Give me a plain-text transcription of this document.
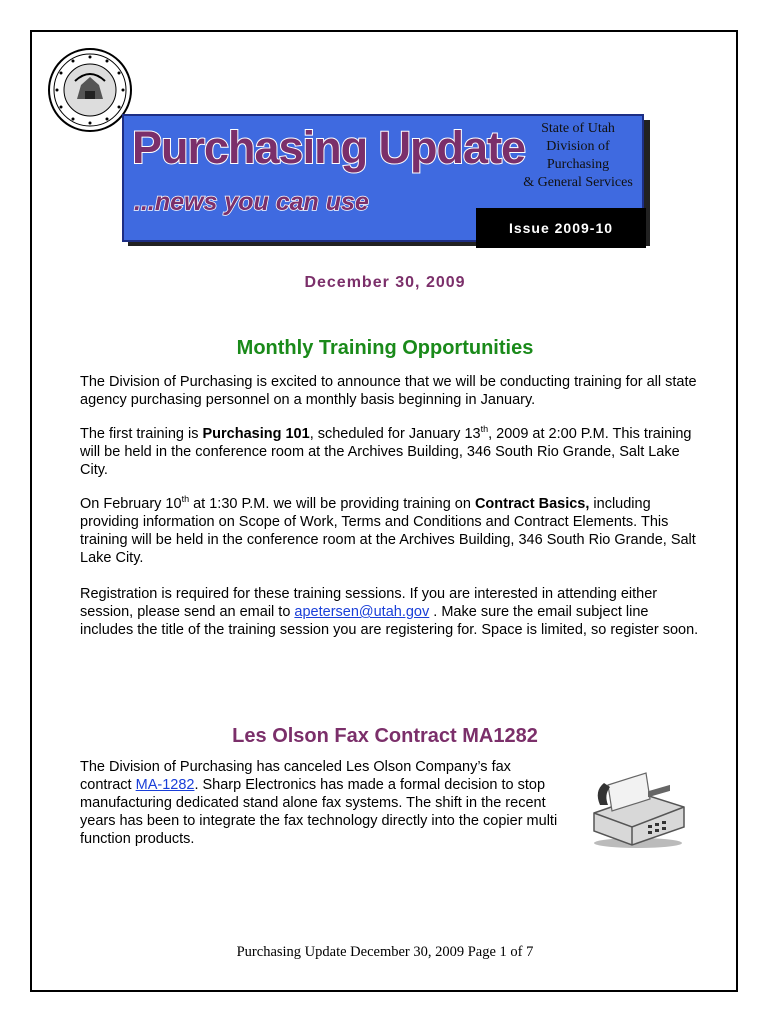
Purchasing Update
...news you can use
State of Utah
Division of Purchasing
& General Services
Issue 2009-10
December 30, 2009
Monthly Training Opportunities
The Division of Purchasing is excited to announce that we will be conducting training for all state agency purchasing personnel on a monthly basis beginning in January.
The first training is Purchasing 101, scheduled for January 13th, 2009 at 2:00 P.M. This training will be held in the conference room at the Archives Building, 346 South Rio Grande, Salt Lake City.
On February 10th at 1:30 P.M. we will be providing training on Contract Basics, including providing information on Scope of Work, Terms and Conditions and Contract Elements. This training will be held in the conference room at the Archives Building, 346 South Rio Grande, Salt Lake City.
Registration is required for these training sessions. If you are interested in attending either session, please send an email to apetersen@utah.gov . Make sure the email subject line includes the title of the training session you are registering for. Space is limited, so register soon.
Les Olson Fax Contract MA1282
The Division of Purchasing has canceled Les Olson Company’s fax contract MA-1282. Sharp Electronics has made a formal decision to stop manufacturing dedicated stand alone fax systems. The shift in the recent years has been to integrate the fax technology directly into the copier multi function products.
Purchasing Update December 30, 2009 Page 1 of 7
